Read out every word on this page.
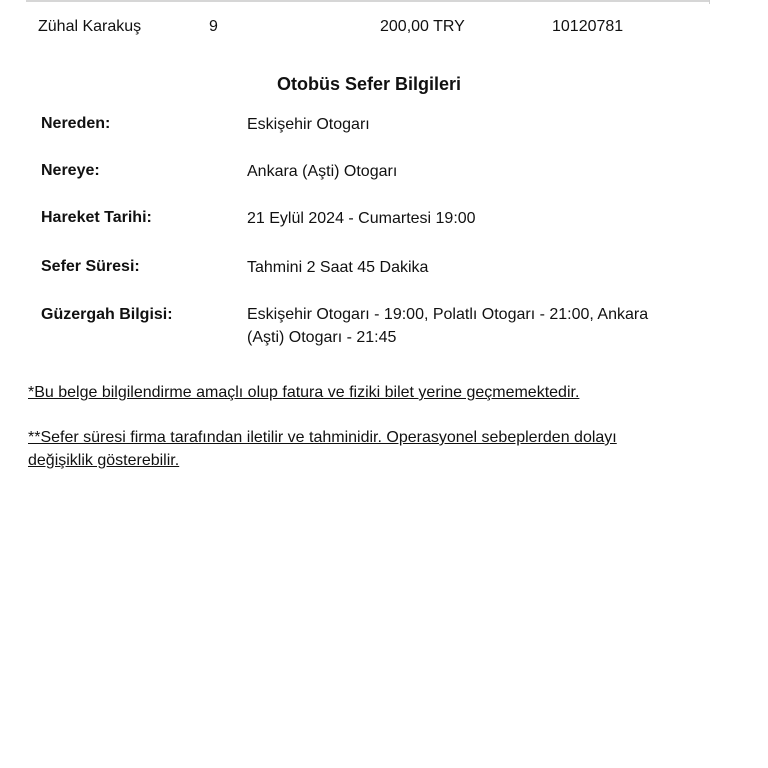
Zühal Karakuş	9	200,00 TRY	10120781
Otobüs Sefer Bilgileri
Nereden:	Eskişehir Otogarı
Nereye:	Ankara (Aşti) Otogarı
Hareket Tarihi:	21 Eylül 2024 - Cumartesi 19:00
Sefer Süresi:	Tahmini 2 Saat 45 Dakika
Güzergah Bilgisi:	Eskişehir Otogarı - 19:00, Polatlı Otogarı - 21:00, Ankara (Aşti) Otogarı - 21:45
*Bu belge bilgilendirme amaçlı olup fatura ve fiziki bilet yerine geçmemektedir.
**Sefer süresi firma tarafından iletilir ve tahminidir. Operasyonel sebeplerden dolayı değişiklik gösterebilir.
